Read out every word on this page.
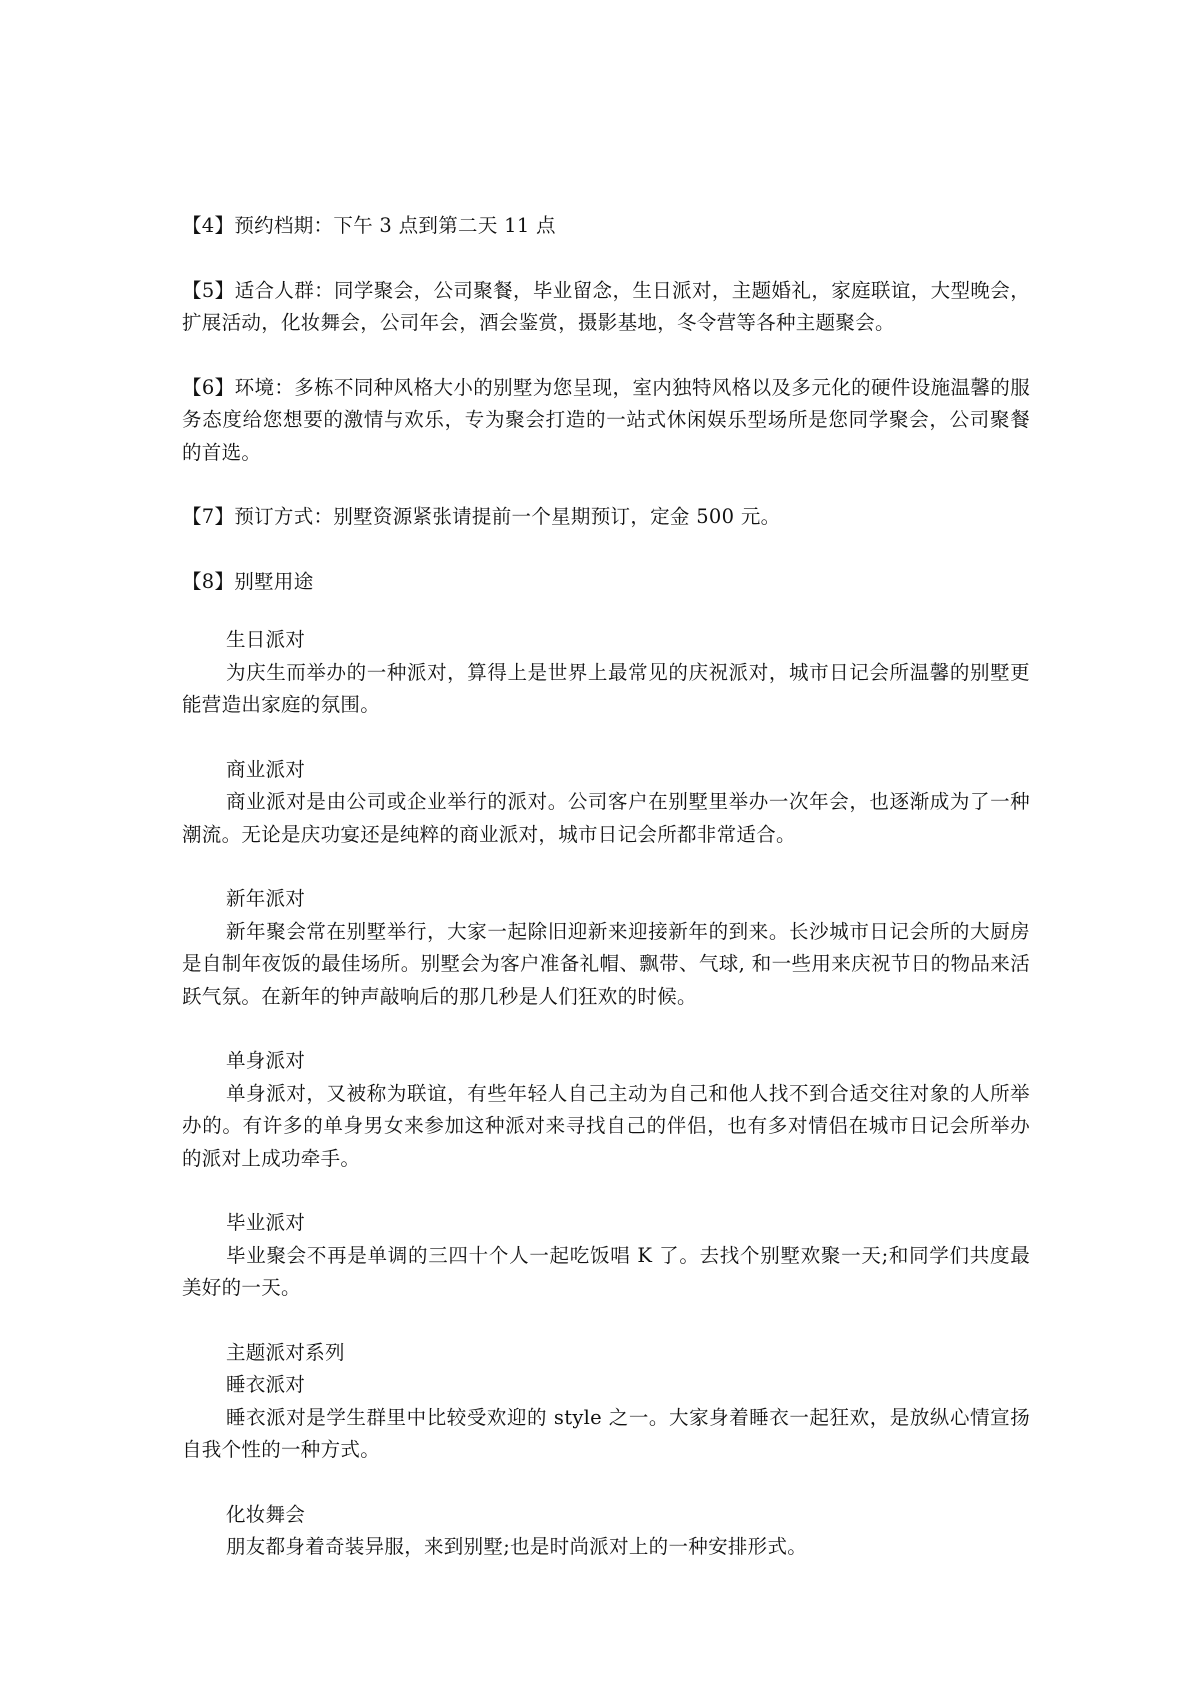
【4】预约档期：下午 3 点到第二天 11 点

【5】适合人群：同学聚会，公司聚餐，毕业留念，生日派对，主题婚礼，家庭联谊，大型晚会，扩展活动，化妆舞会，公司年会，酒会鉴赏，摄影基地，冬令营等各种主题聚会。

【6】环境：多栋不同种风格大小的别墅为您呈现，室内独特风格以及多元化的硬件设施温馨的服务态度给您想要的激情与欢乐，专为聚会打造的一站式休闲娱乐型场所是您同学聚会，公司聚餐的首选。

【7】预订方式：别墅资源紧张请提前一个星期预订，定金 500 元。

【8】别墅用途

生日派对
为庆生而举办的一种派对，算得上是世界上最常见的庆祝派对，城市日记会所温馨的别墅更能营造出家庭的氛围。
商业派对
商业派对是由公司或企业举行的派对。公司客户在别墅里举办一次年会，也逐渐成为了一种潮流。无论是庆功宴还是纯粹的商业派对，城市日记会所都非常适合。
新年派对
新年聚会常在别墅举行，大家一起除旧迎新来迎接新年的到来。长沙城市日记会所的大厨房是自制年夜饭的最佳场所。别墅会为客户准备礼帽、飘带、气球, 和一些用来庆祝节日的物品来活跃气氛。在新年的钟声敲响后的那几秒是人们狂欢的时候。
单身派对
单身派对，又被称为联谊，有些年轻人自己主动为自己和他人找不到合适交往对象的人所举办的。有许多的单身男女来参加这种派对来寻找自己的伴侣，也有多对情侣在城市日记会所举办的派对上成功牵手。
毕业派对
毕业聚会不再是单调的三四十个人一起吃饭唱 K 了。去找个别墅欢聚一天;和同学们共度最美好的一天。
主题派对系列
睡衣派对
睡衣派对是学生群里中比较受欢迎的 style 之一。大家身着睡衣一起狂欢，是放纵心情宣扬自我个性的一种方式。
化妆舞会
朋友都身着奇装异服，来到别墅;也是时尚派对上的一种安排形式。
